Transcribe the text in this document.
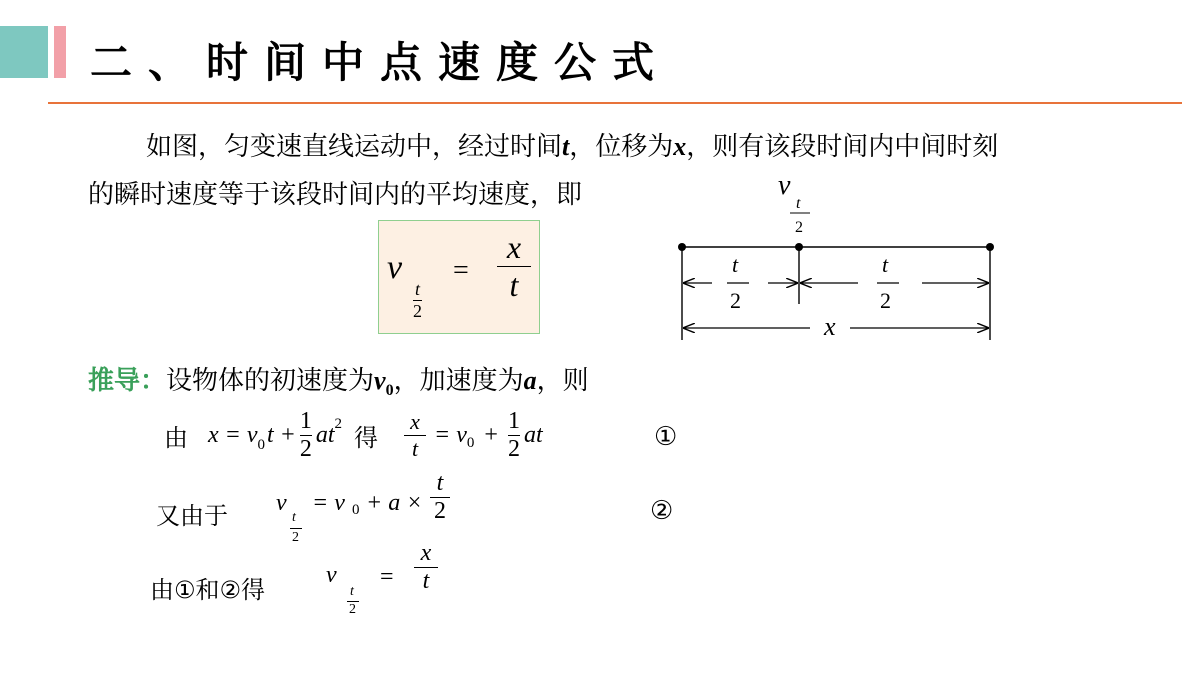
二、时间中点速度公式
如图，匀变速直线运动中，经过时间t，位移为x，则有该段时间内中间时刻
的瞬时速度等于该段时间内的平均速度，即
v
t
2
=
x
t
v
t
2
t
2
t
2
x
推导：设物体的初速度为$v_0$，加速度为a，则
由 $x = v_0$ $t + \frac{1}{2} at^2$ 得 $\frac{x}{t} = v_0 + \frac{1}{2}$ at	①
又由于 v
t
2
= v 0 + a ×
t
2	②
由①和②得
v
t
2
=
x
t
